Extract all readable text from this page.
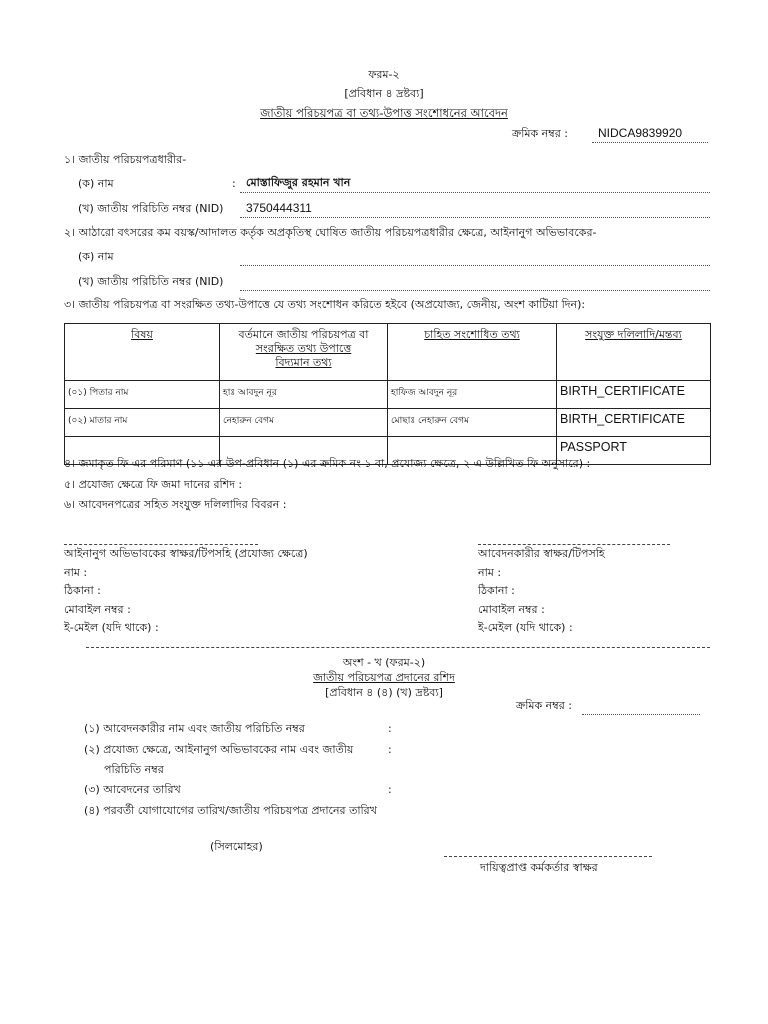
ফরম-২
[প্রবিধান ৪ দ্রষ্টব্য]
জাতীয় পরিচয়পত্র বা তথ্য-উপাত্ত সংশোধনের আবেদন
ক্রমিক নম্বর :	NIDCA9839920
১। জাতীয় পরিচয়পত্রধারীর-
(ক) নাম	: মোস্তাফিজুর রহমান খান
(খ) জাতীয় পরিচিতি নম্বর (NID) 3750444311
২। আঠারো বৎসরের কম বয়স্ক/আদালত কর্তৃক অপ্রকৃতিস্থ ঘোষিত জাতীয় পরিচয়পত্রধারীর ক্ষেত্রে, আইনানুগ অভিভাবকের-
(ক) নাম
(খ) জাতীয় পরিচিতি নম্বর (NID)
৩। জাতীয় পরিচয়পত্র বা সংরক্ষিত তথ্য-উপাত্তে যে তথ্য সংশোধন করিতে হইবে (অপ্রযোজ্য, জেনীয়, অংশ কাটিয়া দিন):
বিষয়	বর্তমানে জাতীয় পরিচয়পত্র বা
সংরক্ষিত তথ্য উপাত্তে
বিদ্যমান তথ্য	চাহিত সংশোধিত তথ্য	সংযুক্ত দলিলাদি/মন্তব্য
(০১) পিতার নাম	হাঃ আবদুন নূর	হাফিজ আবদুন নূর	BIRTH_CERTIFICATE
(০২) মাতার নাম	নেহারুন বেগম	মোছাঃ নেহারুন বেগম	BIRTH_CERTIFICATE
			PASSPORT
৪। জমাকৃত ফি এর পরিমাণ (১১ এর উপ-প্রবিধান (১) এর ক্রমিক নং ১ বা, প্রযোজ্য ক্ষেত্রে, ২ এ উল্লিখিত ফি অনুসারে) :
৫। প্রযোজ্য ক্ষেত্রে ফি জমা দানের রশিদ :
৬। আবেদনপত্রের সহিত সংযুক্ত দলিলাদির বিবরন :
আইনানুগ অভিভাবকের স্বাক্ষর/টিপসহি (প্রযোজ্য ক্ষেত্রে)	আবেদনকারীর স্বাক্ষর/টিপসহি
নাম :	নাম :
ঠিকানা :	ঠিকানা :
মোবাইল নম্বর :	মোবাইল নম্বর :
ই-মেইল (যদি থাকে) :	ই-মেইল (যদি থাকে) :
অংশ - খ (ফরম-২)
জাতীয় পরিচয়পত্র প্রদানের রশিদ
[প্রবিধান ৪ (৪) (খ) দ্রষ্টব্য]
ক্রমিক নম্বর :
(১) আবেদনকারীর নাম এবং জাতীয় পরিচিতি নম্বর	:
(২) প্রযোজ্য ক্ষেত্রে, আইনানুগ অভিভাবকের নাম এবং জাতীয়	:
পরিচিতি নম্বর
(৩) আবেদনের তারিখ	:
(৪) পরবর্তী যোগাযোগের তারিখ/জাতীয় পরিচয়পত্র প্রদানের তারিখ
(সিলমোহর)
দায়িত্বপ্রাপ্ত কর্মকর্তার স্বাক্ষর
